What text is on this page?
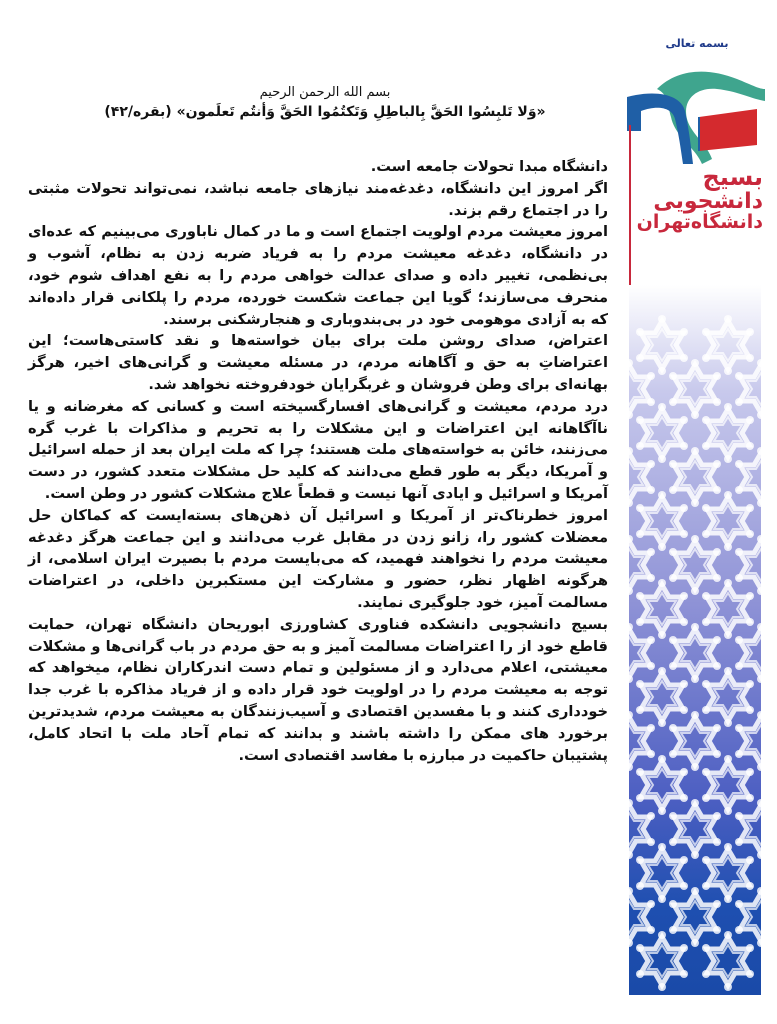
بسم الله الرحمن الرحیم
«وَلا تَلبِسُوا الحَقَّ بِالباطِلِ وَتَکتُمُوا الحَقَّ وَأنتُم تَعلَمون» (بقره/۴۲)

دانشگاه مبدا تحولات جامعه است.

اگر امروز این دانشگاه، دغدغه‌مند نیازهای جامعه نباشد، نمی‌تواند تحولات مثبتی را در اجتماع رقم بزند.

امروز معیشت مردم اولویت اجتماع است و ما در کمال ناباوری می‌بینیم که عده‌ای در دانشگاه، دغدغه معیشت مردم را به فریاد ضربه زدن به نظام، آشوب و بی‌نظمی، تغییر داده و صدای عدالت خواهی مردم را به نفع اهداف شوم خود، منحرف می‌سازند؛ گویا این جماعت شکست خورده، مردم را پلکانی قرار داده‌اند که به آزادی موهومی خود در بی‌بندوباری و هنجارشکنی برسند.

اعتراض، صدای روشن ملت برای بیان خواسته‌ها و نقد کاستی‌هاست؛ این اعتراضاتِ به حق و آگاهانه مردم، در مسئله معیشت و گرانی‌های اخیر، هرگز بهانه‌ای برای وطن فروشان و غربگرایان خودفروخته نخواهد شد.

درد مردم، معیشت و گرانی‌های افسارگسیخته است و کسانی که مغرضانه و یا ناآگاهانه این اعتراضات و این مشکلات را به تحریم و مذاکرات با غرب گره می‌زنند، خائن به خواسته‌های ملت هستند؛ چرا که ملت ایران بعد از حمله اسرائیل و آمریکا، دیگر به طور قطع می‌دانند که کلید حل مشکلات متعدد کشور، در دست آمریکا و اسرائیل و ایادی آنها نیست و قطعاً علاج مشکلات کشور در وطن است.

امروز خطرناک‌تر از آمریکا و اسرائیل آن ذهن‌های بسته‌ایست که کماکان حل معضلات کشور را، زانو زدن در مقابل غرب می‌دانند و این جماعت هرگز دغدغه معیشت مردم را نخواهند فهمید، که می‌بایست مردم با بصیرت ایران اسلامی، از هرگونه اظهار نظر، حضور و مشارکت این مستکبرین داخلی، در اعتراضات مسالمت آمیز، خود جلوگیری نمایند.

بسیج دانشجویی دانشکده فناوری کشاورزی ابوریحان دانشگاه تهران، حمایت قاطع خود از را اعتراضات مسالمت آمیز و به حق مردم در باب گرانی‌ها و مشکلات معیشتی، اعلام می‌دارد و از مسئولین و تمام دست اندرکاران نظام، میخواهد که توجه به معیشت مردم را در اولویت خود قرار داده و از فریاد مذاکره با غرب جدا خودداری کنند و با مفسدین اقتصادی و آسیب‌زنندگان به معیشت مردم، شدیدترین برخورد های ممکن را داشته باشند و بدانند که تمام آحاد ملت با اتحاد کامل، پشتیبان حاکمیت در مبارزه با مفاسد اقتصادی است.

بسمه تعالی
بسیج
دانشجویی
دانشگاه‌تهران
